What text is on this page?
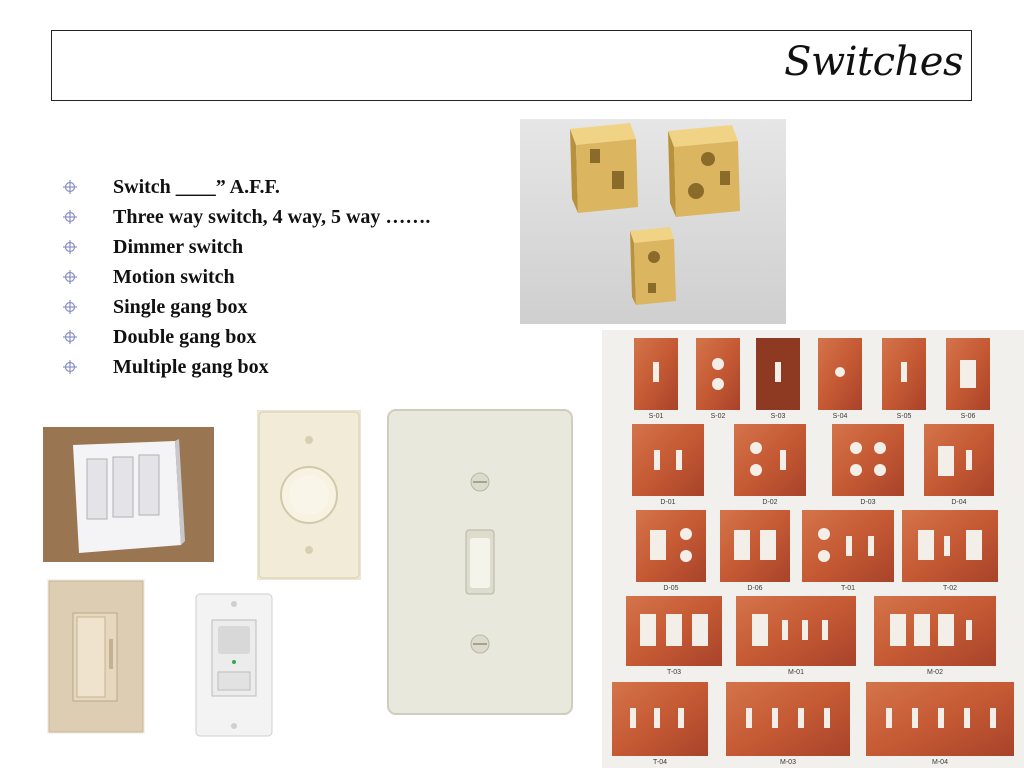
Switches
Switch ____” A.F.F.
Three way switch, 4 way, 5 way …….
Dimmer switch
Motion switch
Single gang box
Double gang box
Multiple gang box
S-01	S-02	S-03	S-04	S-05	S-06
D-01	D-02	D-03	D-04
D-05	D-06	T-01	T-02
T-03	M-01	M-02
T-04	M-03	M-04
